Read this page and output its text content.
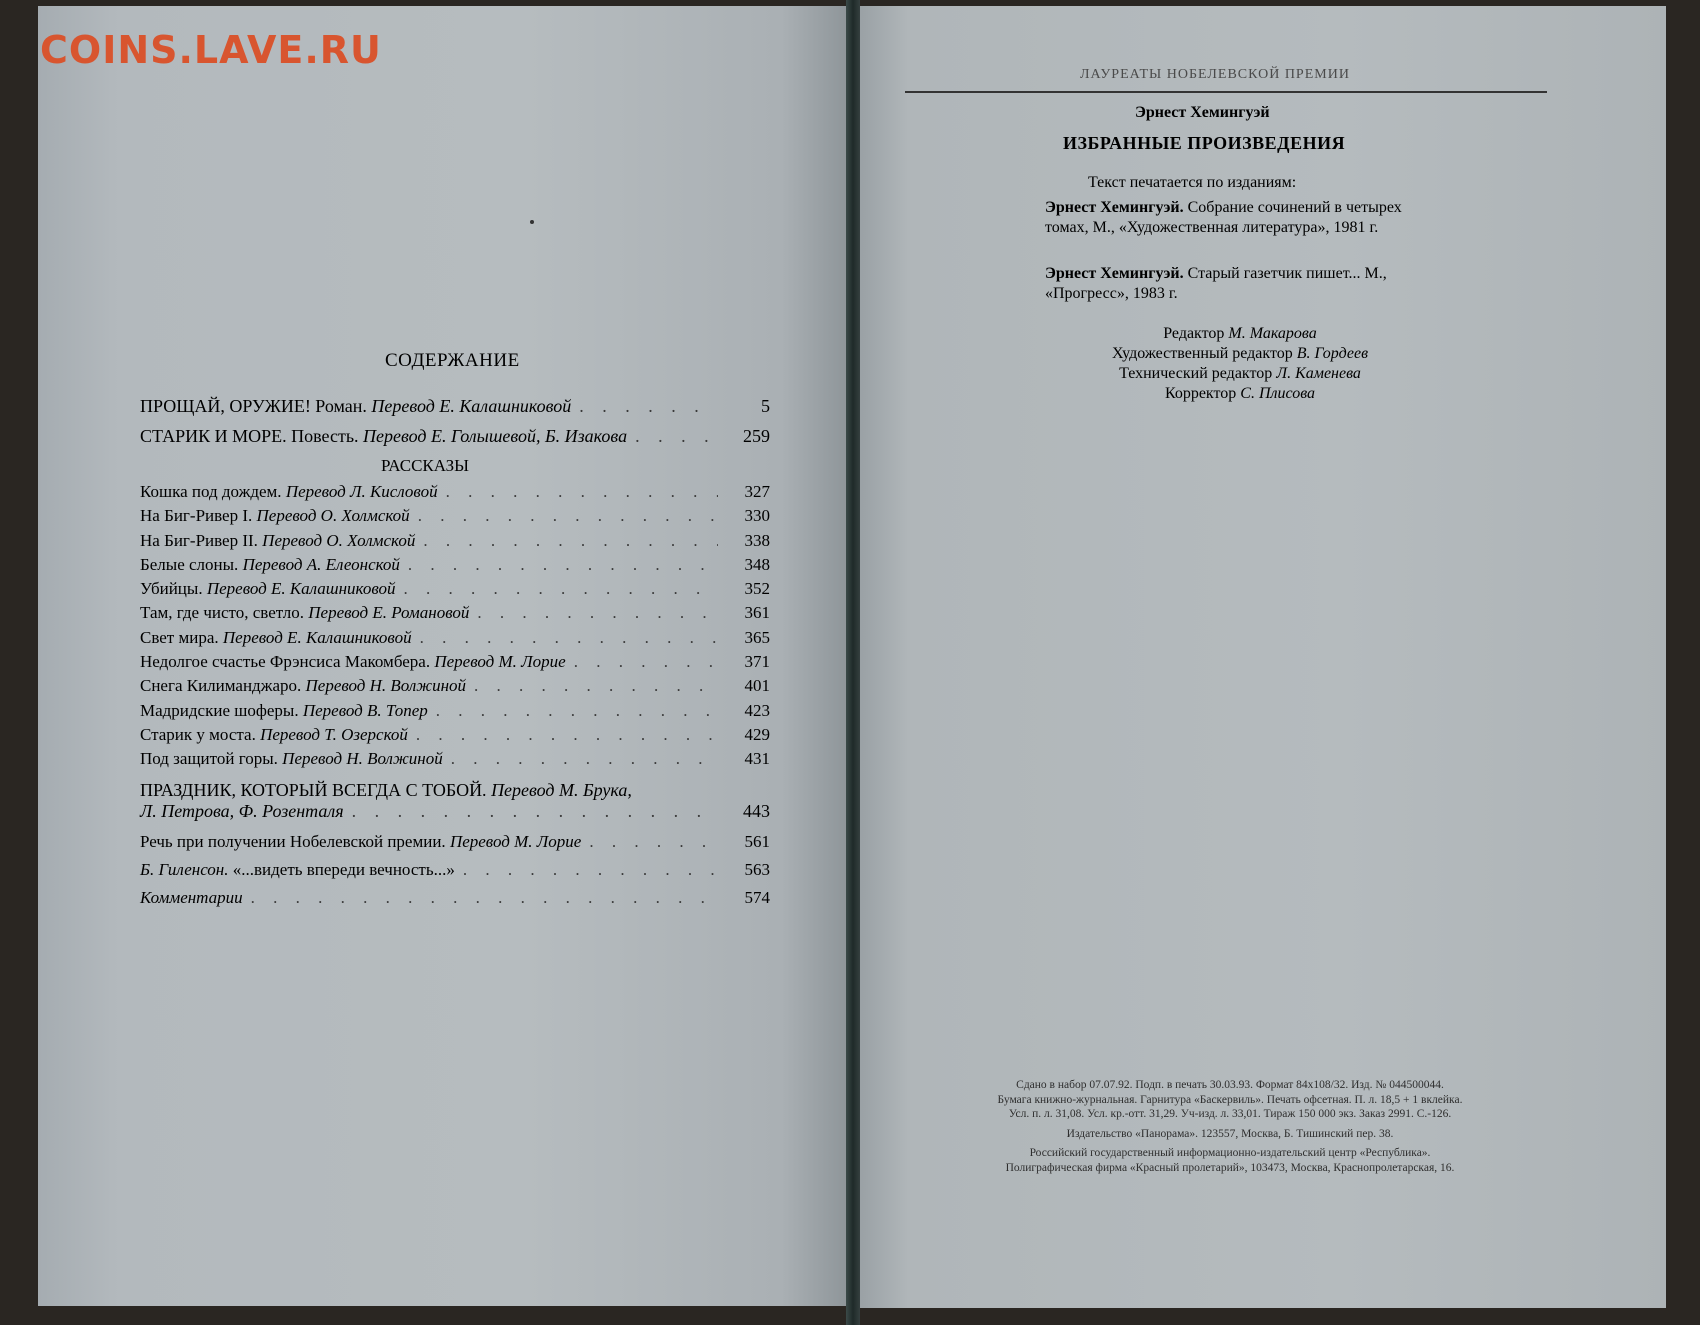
COINS.LAVE.RU
СОДЕРЖАНИЕ
ПРОЩАЙ, ОРУЖИЕ! Роман. Перевод Е. Калашниковой . . .	5
СТАРИК И МОРЕ. Повесть. Перевод Е. Голышевой, Б. Изакова . . .	259
РАССКАЗЫ
Кошка под дождем. Перевод Л. Кисловой . . .	327
На Биг-Ривер I. Перевод О. Холмской . . .	330
На Биг-Ривер II. Перевод О. Холмской . . .	338
Белые слоны. Перевод А. Елеонской . . .	348
Убийцы. Перевод Е. Калашниковой . . .	352
Там, где чисто, светло. Перевод Е. Романовой . . .	361
Свет мира. Перевод Е. Калашниковой . . .	365
Недолгое счастье Фрэнсиса Макомбера. Перевод М. Лорие . . .	371
Снега Килиманджаро. Перевод Н. Волжиной . . .	401
Мадридские шоферы. Перевод В. Топер . . .	423
Старик у моста. Перевод Т. Озерской . . .	429
Под защитой горы. Перевод Н. Волжиной . . .	431
ПРАЗДНИК, КОТОРЫЙ ВСЕГДА С ТОБОЙ. Перевод М. Брука,
Л. Петрова, Ф. Розенталя . . .	443
Речь при получении Нобелевской премии. Перевод М. Лорие . . .	561
Б. Гиленсон. «...видеть впереди вечность...» . . .	563
Комментарии . . .	574
ЛАУРЕАТЫ НОБЕЛЕВСКОЙ ПРЕМИИ
Эрнест Хемингуэй
ИЗБРАННЫЕ ПРОИЗВЕДЕНИЯ
Текст печатается по изданиям:
Эрнест Хемингуэй. Собрание сочинений в четырех томах, М., «Художественная литература», 1981 г.
Эрнест Хемингуэй. Старый газетчик пишет... М., «Прогресс», 1983 г.
Редактор М. Макарова
Художественный редактор В. Гордеев
Технический редактор Л. Каменева
Корректор С. Плисова
Сдано в набор 07.07.92. Подп. в печать 30.03.93. Формат 84х108/32. Изд. № 044500044.
Бумага книжно-журнальная. Гарнитура «Баскервиль». Печать офсетная. П. л. 18,5 + 1 вклейка.
Усл. п. л. 31,08. Усл. кр.-отт. 31,29. Уч-изд. л. 33,01. Тираж 150 000 экз. Заказ 2991. С.-126.
Издательство «Панорама». 123557, Москва, Б. Тишинский пер. 38.
Российский государственный информационно-издательский центр «Республика».
Полиграфическая фирма «Красный пролетарий», 103473, Москва, Краснопролетарская, 16.
